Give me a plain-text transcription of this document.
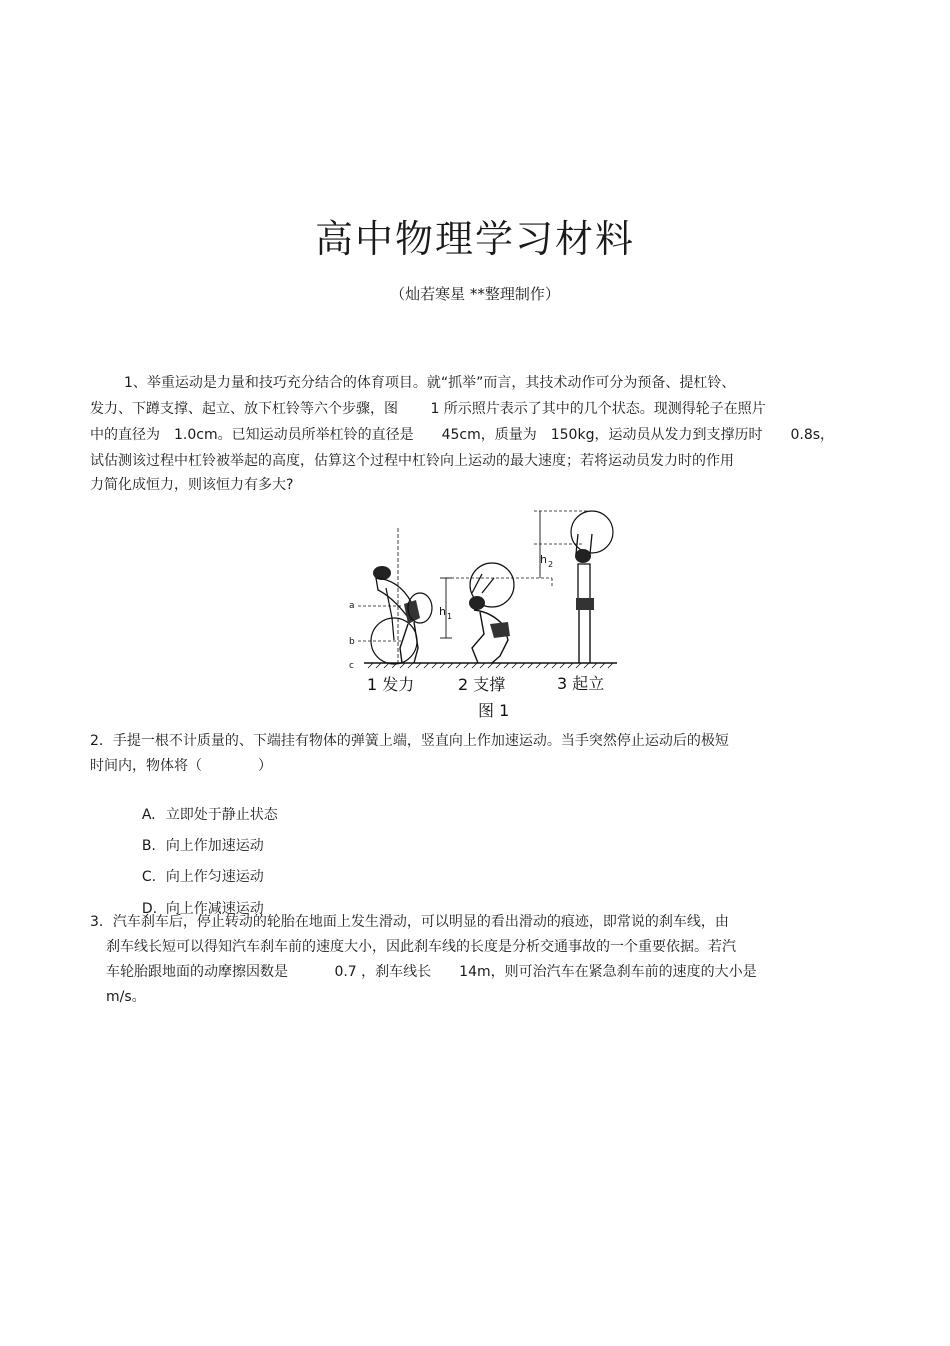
高中物理学习材料
（灿若寒星 **整理制作）
1、举重运动是力量和技巧充分结合的体育项目。就“抓举”而言，其技术动作可分为预备、提杠铃、
发力、下蹲支撑、起立、放下杠铃等六个步骤，图　　 1 所示照片表示了其中的几个状态。现测得轮子在照片
中的直径为　1.0cm。已知运动员所举杠铃的直径是　　45cm，质量为　150kg，运动员从发力到支撑历时　　0.8s，
试估测该过程中杠铃被举起的高度，估算这个过程中杠铃向上运动的最大速度；若将运动员发力时的作用
力简化成恒力，则该恒力有多大?
a
b
c
h 1
h 2
1 发力	2 支撑	3 起立
图 1
2．手提一根不计质量的、下端挂有物体的弹簧上端，竖直向上作加速运动。当手突然停止运动后的极短
时间内，物体将（　　　　）

A. 立即处于静止状态

B. 向上作加速运动

C. 向上作匀速运动

D. 向上作减速运动

3．汽车刹车后，停止转动的轮胎在地面上发生滑动，可以明显的看出滑动的痕迹，即常说的刹车线，由
刹车线长短可以得知汽车刹车前的速度大小，因此刹车线的长度是分析交通事故的一个重要依据。若汽
车轮胎跟地面的动摩擦因数是　　　 0.7 ，刹车线长　　14m，则可治汽车在紧急刹车前的速度的大小是
m/s。
